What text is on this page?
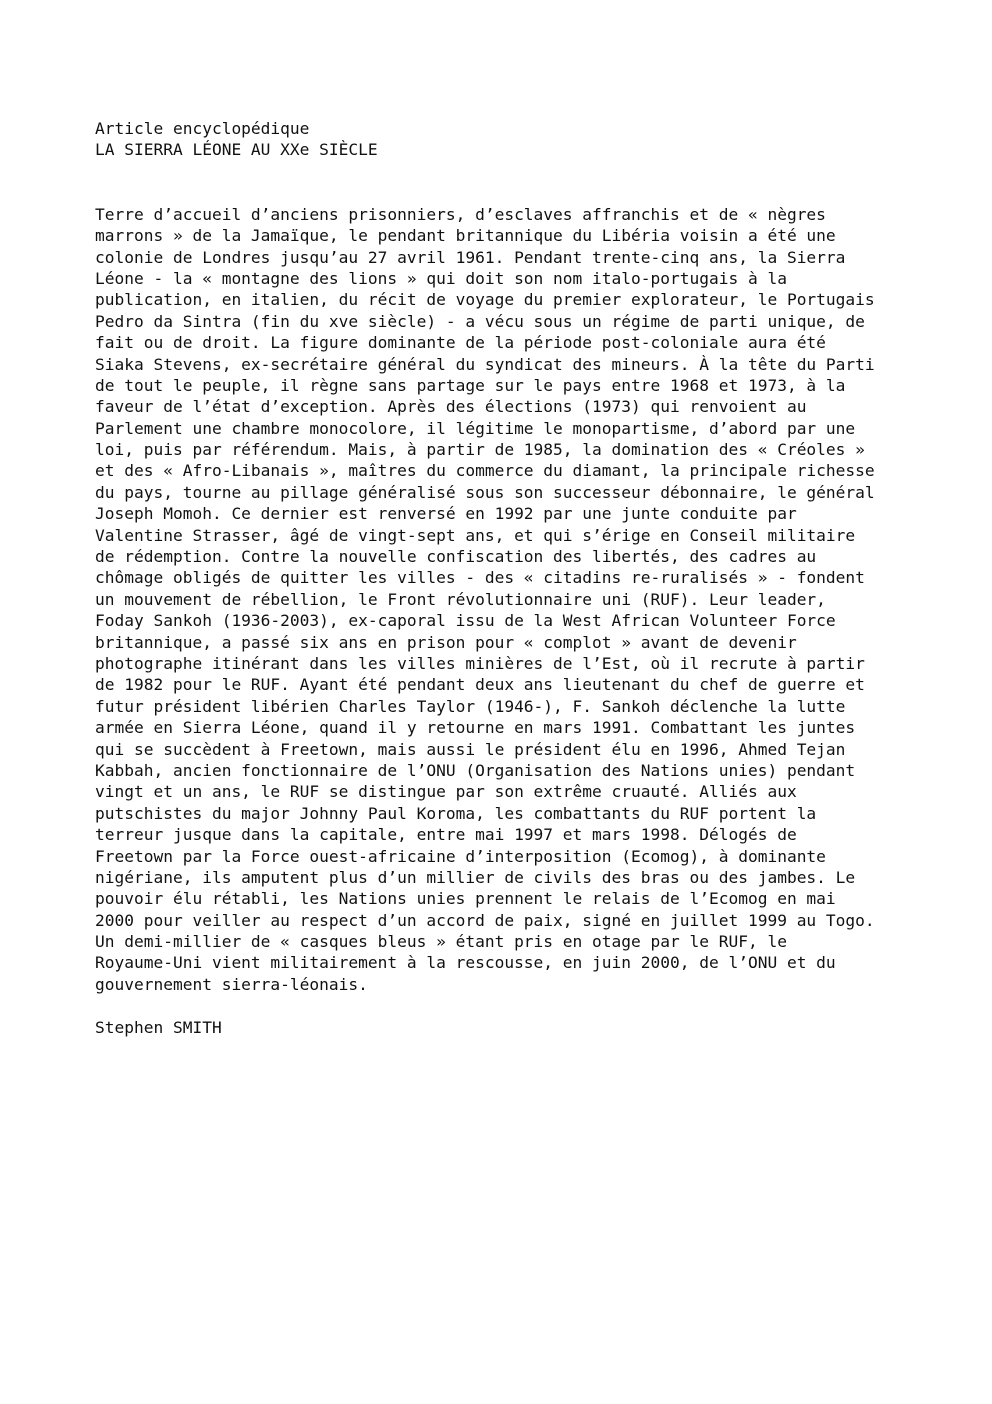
Article encyclopédique
LA SIERRA LÉONE AU XXe SIÈCLE
Terre d’accueil d’anciens prisonniers, d’esclaves affranchis et de « nègres
marrons » de la Jamaïque, le pendant britannique du Libéria voisin a été une
colonie de Londres jusqu’au 27 avril 1961. Pendant trente-cinq ans, la Sierra
Léone - la « montagne des lions » qui doit son nom italo-portugais à la
publication, en italien, du récit de voyage du premier explorateur, le Portugais
Pedro da Sintra (fin du xve siècle) - a vécu sous un régime de parti unique, de
fait ou de droit. La figure dominante de la période post-coloniale aura été
Siaka Stevens, ex-secrétaire général du syndicat des mineurs. À la tête du Parti
de tout le peuple, il règne sans partage sur le pays entre 1968 et 1973, à la
faveur de l’état d’exception. Après des élections (1973) qui renvoient au
Parlement une chambre monocolore, il légitime le monopartisme, d’abord par une
loi, puis par référendum. Mais, à partir de 1985, la domination des « Créoles »
et des « Afro-Libanais », maîtres du commerce du diamant, la principale richesse
du pays, tourne au pillage généralisé sous son successeur débonnaire, le général
Joseph Momoh. Ce dernier est renversé en 1992 par une junte conduite par
Valentine Strasser, âgé de vingt-sept ans, et qui s’érige en Conseil militaire
de rédemption. Contre la nouvelle confiscation des libertés, des cadres au
chômage obligés de quitter les villes - des « citadins re-ruralisés » - fondent
un mouvement de rébellion, le Front révolutionnaire uni (RUF). Leur leader,
Foday Sankoh (1936-2003), ex-caporal issu de la West African Volunteer Force
britannique, a passé six ans en prison pour « complot » avant de devenir
photographe itinérant dans les villes minières de l’Est, où il recrute à partir
de 1982 pour le RUF. Ayant été pendant deux ans lieutenant du chef de guerre et
futur président libérien Charles Taylor (1946-), F. Sankoh déclenche la lutte
armée en Sierra Léone, quand il y retourne en mars 1991. Combattant les juntes
qui se succèdent à Freetown, mais aussi le président élu en 1996, Ahmed Tejan
Kabbah, ancien fonctionnaire de l’ONU (Organisation des Nations unies) pendant
vingt et un ans, le RUF se distingue par son extrême cruauté. Alliés aux
putschistes du major Johnny Paul Koroma, les combattants du RUF portent la
terreur jusque dans la capitale, entre mai 1997 et mars 1998. Délogés de
Freetown par la Force ouest-africaine d’interposition (Ecomog), à dominante
nigériane, ils amputent plus d’un millier de civils des bras ou des jambes. Le
pouvoir élu rétabli, les Nations unies prennent le relais de l’Ecomog en mai
2000 pour veiller au respect d’un accord de paix, signé en juillet 1999 au Togo.
Un demi-millier de « casques bleus » étant pris en otage par le RUF, le
Royaume-Uni vient militairement à la rescousse, en juin 2000, de l’ONU et du
gouvernement sierra-léonais.
Stephen SMITH
